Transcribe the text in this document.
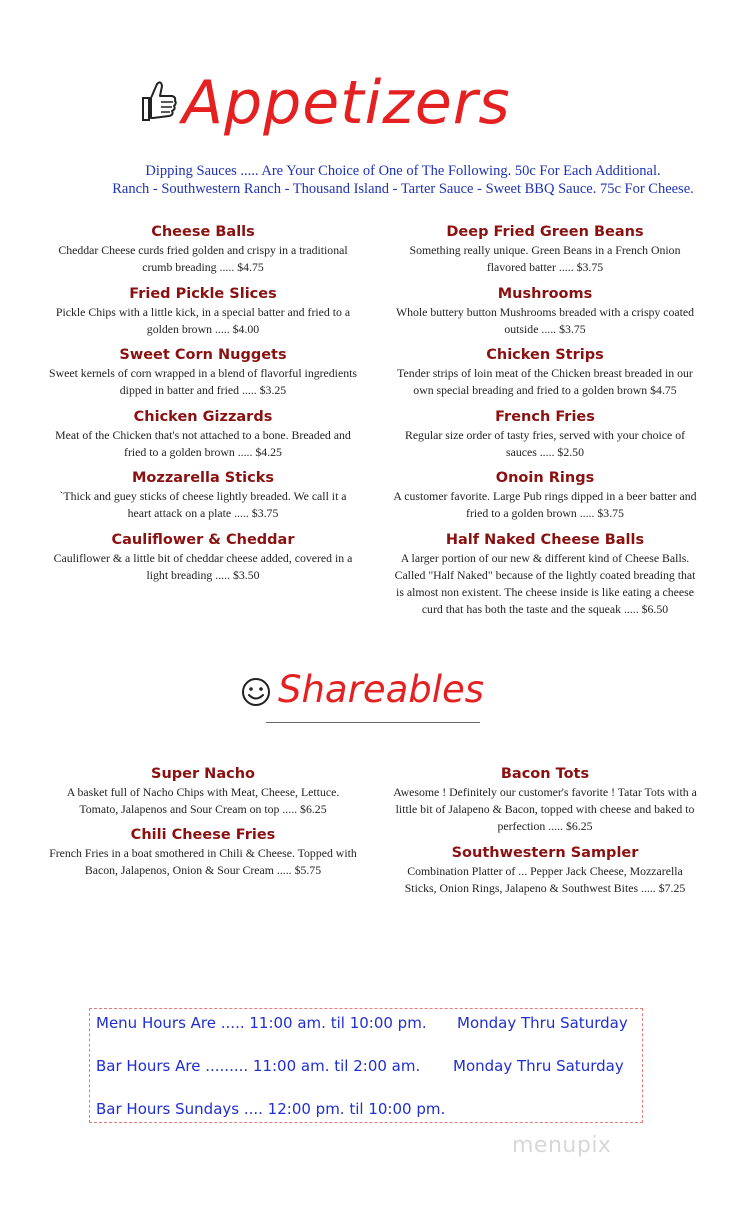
Appetizers
Dipping Sauces ..... Are Your Choice of One of The Following. 50c For Each Additional.
Ranch - Southwestern Ranch - Thousand Island - Tarter Sauce - Sweet BBQ Sauce. 75c For Cheese.
Cheese Balls
Cheddar Cheese curds fried golden and crispy in a traditional crumb breading ..... $4.75
Fried Pickle Slices
Pickle Chips with a little kick, in a special batter and fried to a golden brown ..... $4.00
Sweet Corn Nuggets
Sweet kernels of corn wrapped in a blend of flavorful ingredients dipped in batter and fried ..... $3.25
Chicken Gizzards
Meat of the Chicken that's not attached to a bone. Breaded and fried to a golden brown ..... $4.25
Mozzarella Sticks
`Thick and guey sticks of cheese lightly breaded. We call it a heart attack on a plate ..... $3.75
Cauliflower & Cheddar
Cauliflower & a little bit of cheddar cheese added, covered in a light breading ..... $3.50
Deep Fried Green Beans
Something really unique. Green Beans in a French Onion flavored batter ..... $3.75
Mushrooms
Whole buttery button Mushrooms breaded with a crispy coated outside ..... $3.75
Chicken Strips
Tender strips of loin meat of the Chicken breast breaded in our own special breading and fried to a golden brown $4.75
French Fries
Regular size order of tasty fries, served with your choice of sauces ..... $2.50
Onoin Rings
A customer favorite. Large Pub rings dipped in a beer batter and fried to a golden brown ..... $3.75
Half Naked Cheese Balls
A larger portion of our new & different kind of Cheese Balls. Called "Half Naked" because of the lightly coated breading that is almost non existent. The cheese inside is like eating a cheese curd that has both the taste and the squeak ..... $6.50
Shareables
Super Nacho
A basket full of Nacho Chips with Meat, Cheese, Lettuce. Tomato, Jalapenos and Sour Cream on top ..... $6.25
Chili Cheese Fries
French Fries in a boat smothered in Chili & Cheese. Topped with Bacon, Jalapenos, Onion & Sour Cream ..... $5.75
Bacon Tots
Awesome ! Definitely our customer's favorite ! Tatar Tots with a little bit of Jalapeno & Bacon, topped with cheese and baked to perfection ..... $6.25
Southwestern Sampler
Combination Platter of ... Pepper Jack Cheese, Mozzarella Sticks, Onion Rings, Jalapeno & Southwest Bites ..... $7.25
Menu Hours Are ..... 11:00 am. til 10:00 pm. Monday Thru Saturday
Bar Hours Are ......... 11:00 am. til 2:00 am. Monday Thru Saturday
Bar Hours Sundays .... 12:00 pm. til 10:00 pm.
menupix
